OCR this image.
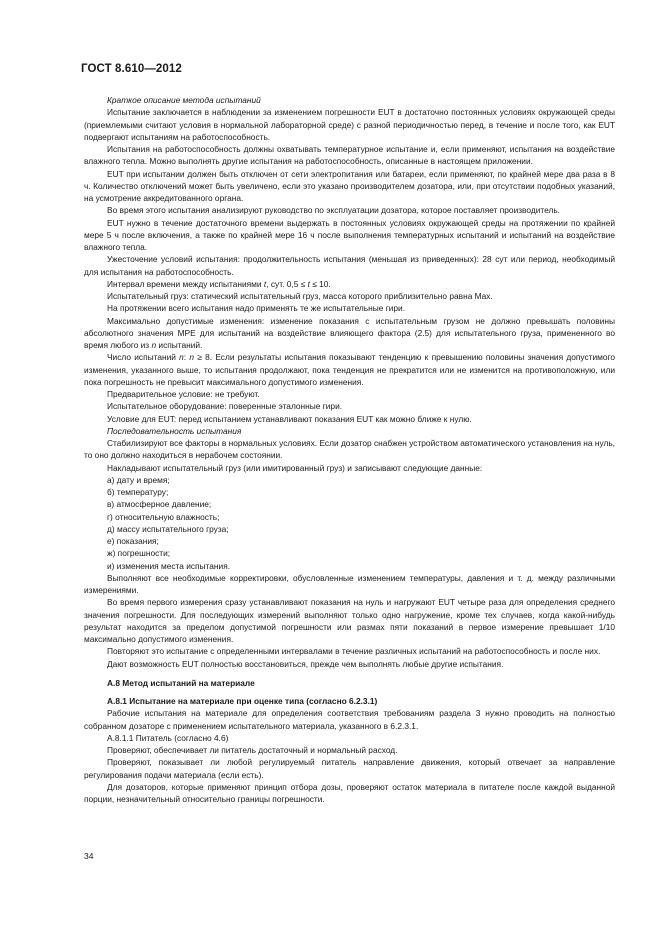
ГОСТ 8.610—2012

Краткое описание метода испытаний

Испытание заключается в наблюдении за изменением погрешности EUT в достаточно постоянных условиях окружающей среды (приемлемыми считают условия в нормальной лабораторной среде) с разной периодичностью перед, в течение и после того, как EUT подвергают испытаниям на работоспособность.

Испытания на работоспособность должны охватывать температурное испытание и, если применяют, испытания на воздействие влажного тепла. Можно выполнять другие испытания на работоспособность, описанные в настоящем приложении.

EUT при испытании должен быть отключен от сети электропитания или батареи, если применяют, по крайней мере два раза в 8 ч. Количество отключений может быть увеличено, если это указано производителем дозатора, или, при отсутствии подобных указаний, на усмотрение аккредитованного органа.

Во время этого испытания анализируют руководство по эксплуатации дозатора, которое поставляет производитель.

EUT нужно в течение достаточного времени выдержать в постоянных условиях окружающей среды на протяжении по крайней мере 5 ч после включения, а также по крайней мере 16 ч после выполнения температурных испытаний и испытаний на воздействие влажного тепла.

Ужесточение условий испытания: продолжительность испытания (меньшая из приведенных): 28 сут или период, необходимый для испытания на работоспособность.

Интервал времени между испытаниями t, сут. 0,5 ≤ t ≤ 10.

Испытательный груз: статический испытательный груз, масса которого приблизительно равна Max.

На протяжении всего испытания надо применять те же испытательные гири.

Максимально допустимые изменения: изменение показания с испытательным грузом не должно превышать половины абсолютного значения MPE для испытаний на воздействие влияющего фактора (2.5) для испытательного груза, примененного во время любого из n испытаний.

Число испытаний n: n ≥ 8. Если результаты испытания показывают тенденцию к превышению половины значения допустимого изменения, указанного выше, то испытания продолжают, пока тенденция не прекратится или не изменится на противоположную, или пока погрешность не превысит максимального допустимого изменения.

Предварительное условие: не требуют.

Испытательное оборудование: поверенные эталонные гири.

Условие для EUT: перед испытанием устанавливают показания EUT как можно ближе к нулю.

Последовательность испытания

Стабилизируют все факторы в нормальных условиях. Если дозатор снабжен устройством автоматического установления на нуль, то оно должно находиться в нерабочем состоянии.

Накладывают испытательный груз (или имитированный груз) и записывают следующие данные:

а) дату и время;

б) температуру;

в) атмосферное давление;

г) относительную влажность;

д) массу испытательного груза;

е) показания;

ж) погрешности;

и) изменения места испытания.

Выполняют все необходимые корректировки, обусловленные изменением температуры, давления и т. д. между различными измерениями.

Во время первого измерения сразу устанавливают показания на нуль и нагружают EUT четыре раза для определения среднего значения погрешности. Для последующих измерений выполняют только одно нагружение, кроме тех случаев, когда какой-нибудь результат находится за пределом допустимой погрешности или размах пяти показаний в первое измерение превышает 1/10 максимально допустимого изменения.

Повторяют это испытание с определенными интервалами в течение различных испытаний на работоспособность и после них.

Дают возможность EUT полностью восстановиться, прежде чем выполнять любые другие испытания.

А.8 Метод испытаний на материале

А.8.1 Испытание на материале при оценке типа (согласно 6.2.3.1)

Рабочие испытания на материале для определения соответствия требованиям раздела 3 нужно проводить на полностью собранном дозаторе с применением испытательного материала, указанного в 6.2.3.1.

А.8.1.1 Питатель (согласно 4.6)

Проверяют, обеспечивает ли питатель достаточный и нормальный расход.

Проверяют, показывает ли любой регулируемый питатель направление движения, который отвечает за направление регулирования подачи материала (если есть).

Для дозаторов, которые применяют принцип отбора дозы, проверяют остаток материала в питателе после каждой выданной порции, незначительный относительно границы погрешности.

34
